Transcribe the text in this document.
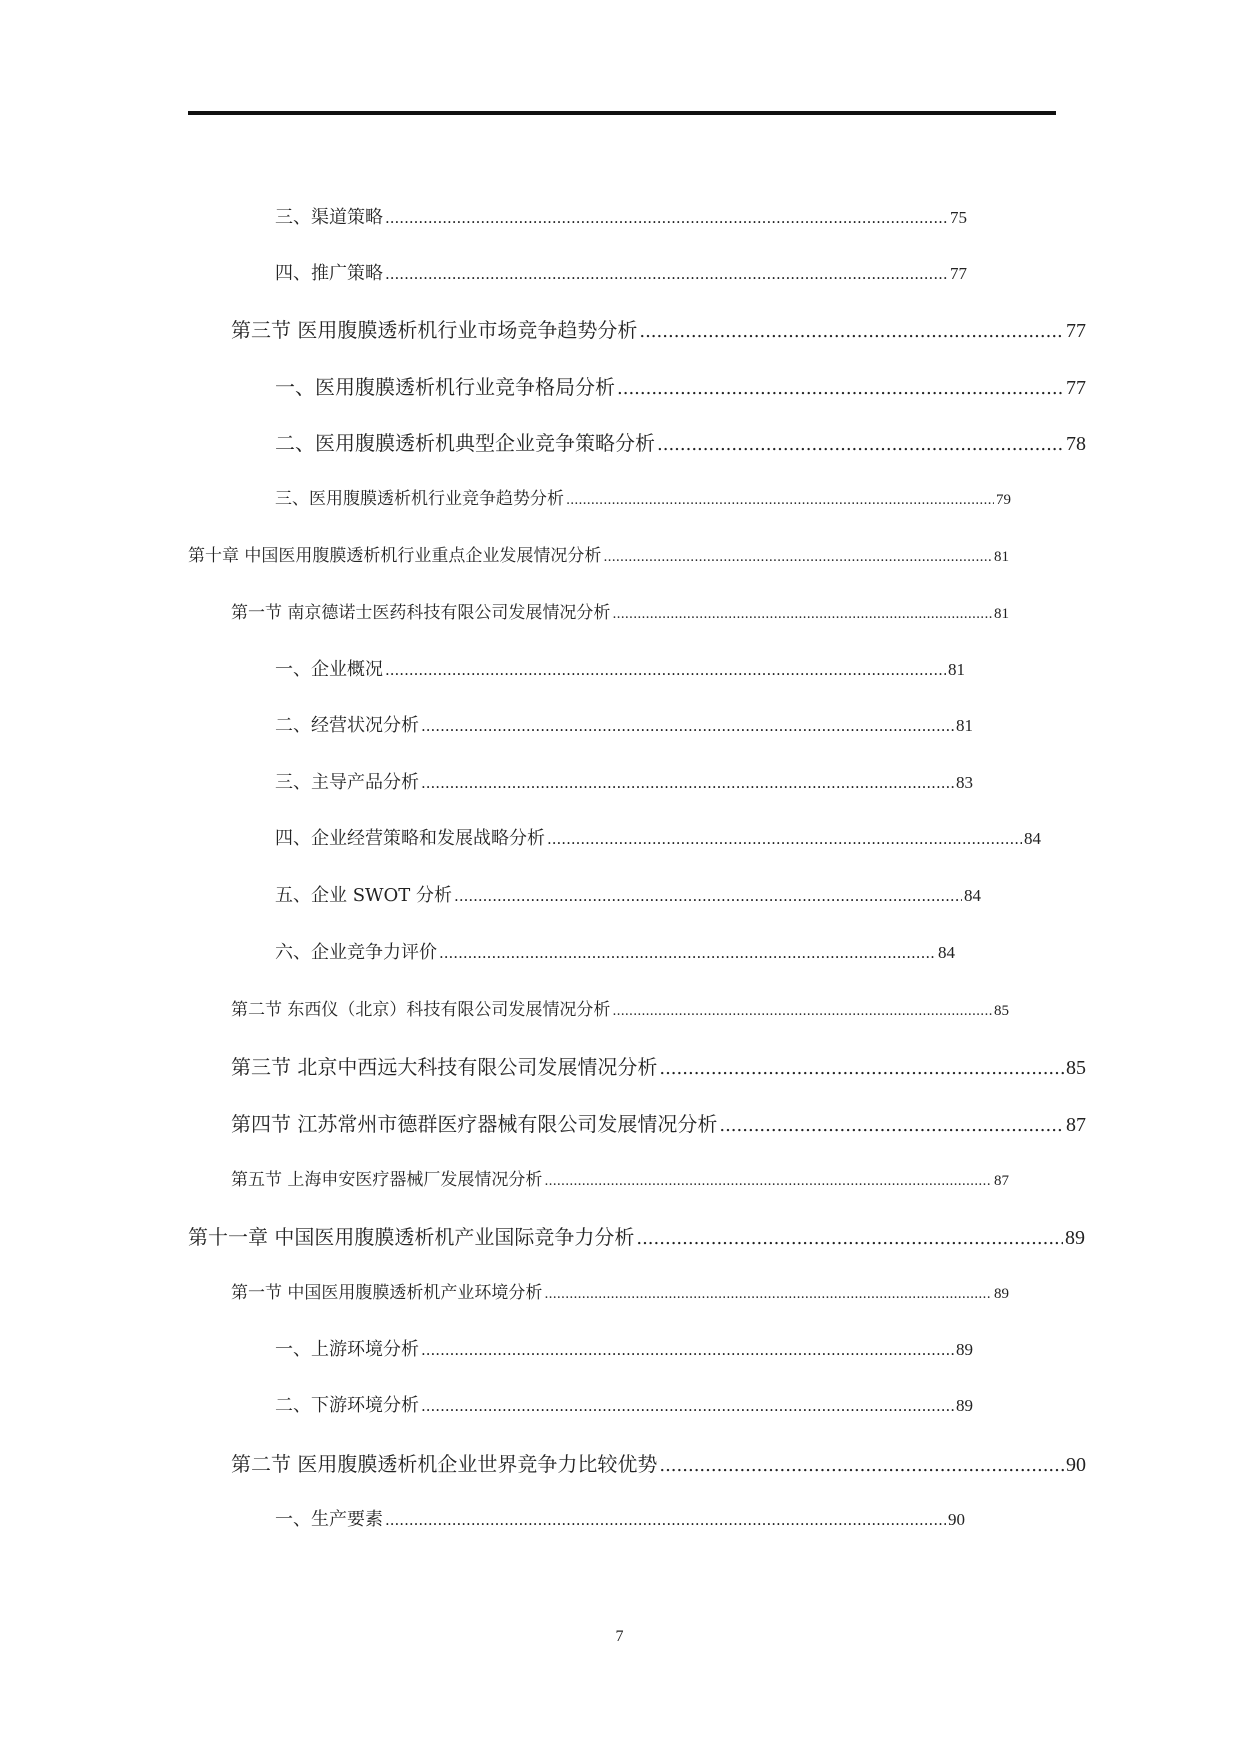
三、渠道策略 .....	75
四、推广策略 .....	77
第三节 医用腹膜透析机行业市场竞争趋势分析 .....	77
一、医用腹膜透析机行业竞争格局分析 .....	77
二、医用腹膜透析机典型企业竞争策略分析 .....	78
三、医用腹膜透析机行业竞争趋势分析 .....	79
第十章 中国医用腹膜透析机行业重点企业发展情况分析 .....	81
第一节 南京德诺士医药科技有限公司发展情况分析 .....	81
一、企业概况 .....	81
二、经营状况分析 .....	81
三、主导产品分析 .....	83
四、企业经营策略和发展战略分析 .....	84
五、企业 SWOT 分析 .....	84
六、企业竞争力评价 .....	84
第二节 东西仪（北京）科技有限公司发展情况分析 .....	85
第三节 北京中西远大科技有限公司发展情况分析 .....	85
第四节 江苏常州市德群医疗器械有限公司发展情况分析 .....	87
第五节 上海申安医疗器械厂发展情况分析 .....	87
第十一章 中国医用腹膜透析机产业国际竞争力分析 .....	89
第一节 中国医用腹膜透析机产业环境分析 .....	89
一、上游环境分析 .....	89
二、下游环境分析 .....	89
第二节 医用腹膜透析机企业世界竞争力比较优势 .....	90
一、生产要素 .....	90
7
